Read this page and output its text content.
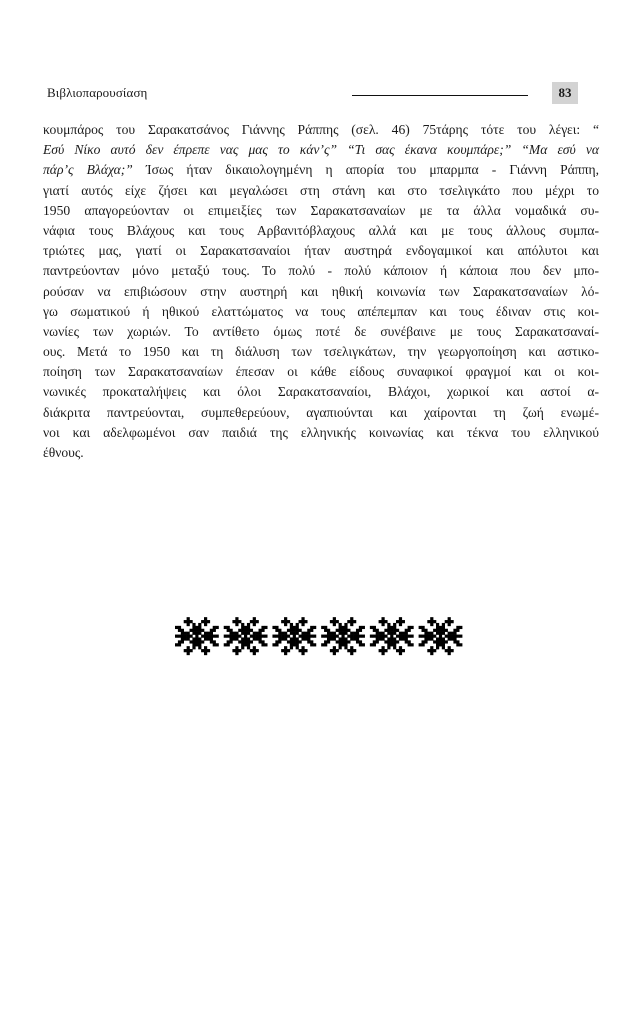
Βιβλιοπαρουσίαση	83
κουμπάρος του Σαρακατσάνος Γιάννης Ράππης (σελ. 46) 75τάρης τότε του λέγει: “
Εσύ Νίκο αυτό δεν έπρεπε νας μας το κάν’ς” “Τι σας έκανα κουμπάρε;” “Μα εσύ να
πάρ’ς Βλάχα;” Ίσως ήταν δικαιολογημένη η απορία του μπαρμπα - Γιάννη Ράππη,
γιατί αυτός είχε ζήσει και μεγαλώσει στη στάνη και στο τσελιγκάτο που μέχρι το
1950 απαγορεύονταν οι επιμειξίες των Σαρακατσαναίων με τα άλλα νομαδικά συ-
νάφια τους Βλάχους και τους Αρβανιτόβλαχους αλλά και με τους άλλους συμπα-
τριώτες μας, γιατί οι Σαρακατσαναίοι ήταν αυστηρά ενδογαμικοί και απόλυτοι και
παντρεύονταν μόνο μεταξύ τους. Το πολύ - πολύ κάποιον ή κάποια που δεν μπο-
ρούσαν να επιβιώσουν στην αυστηρή και ηθική κοινωνία των Σαρακατσαναίων λό-
γω σωματικού ή ηθικού ελαττώματος να τους απέπεμπαν και τους έδιναν στις κοι-
νωνίες των χωριών. Το αντίθετο όμως ποτέ δε συνέβαινε με τους Σαρακατσαναί-
ους. Μετά το 1950 και τη διάλυση των τσελιγκάτων, την γεωργοποίηση και αστικο-
ποίηση των Σαρακατσαναίων έπεσαν οι κάθε είδους συναφικοί φραγμοί και οι κοι-
νωνικές προκαταλήψεις και όλοι Σαρακατσαναίοι, Βλάχοι, χωρικοί και αστοί α-
διάκριτα παντρεύονται, συμπεθερεύουν, αγαπιούνται και χαίρονται τη ζωή ενωμέ-
νοι και αδελφωμένοι σαν παιδιά της ελληνικής κοινωνίας και τέκνα του ελληνικού
έθνους.
